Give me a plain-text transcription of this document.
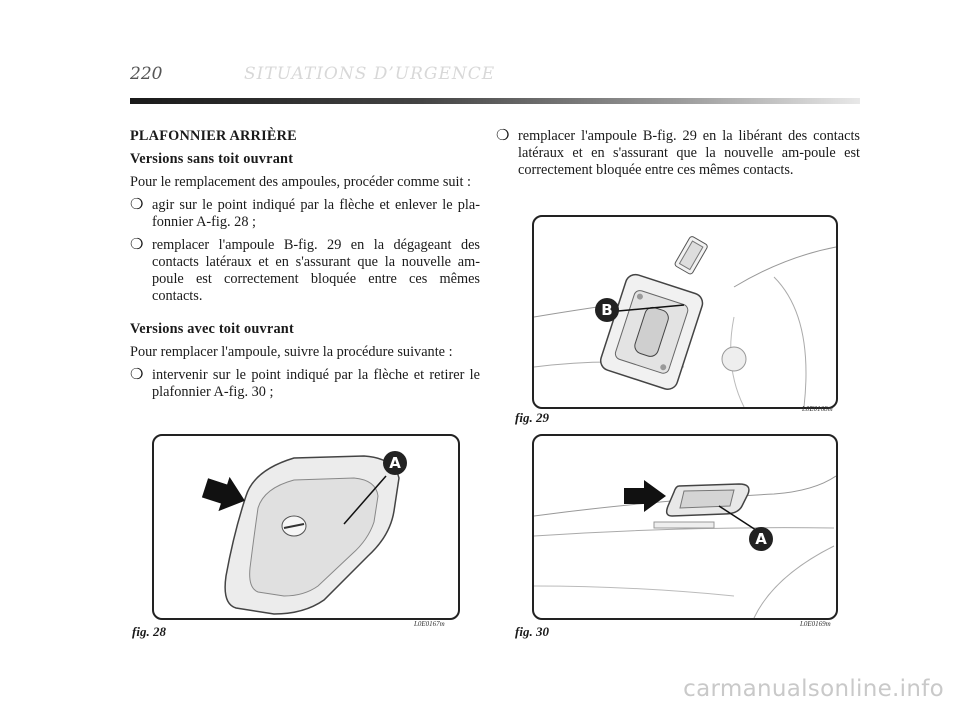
220	SITUATIONS D’URGENCE
PLAFONNIER ARRIÈRE
Versions sans toit ouvrant
Pour le remplacement des ampoules, procéder comme suit :
❍ agir sur le point indiqué par la flèche et enlever le pla-fonnier A-fig. 28 ;
❍ remplacer l'ampoule B-fig. 29 en la dégageant des contacts latéraux et en s'assurant que la nouvelle am-poule est correctement bloquée entre ces mêmes contacts.
Versions avec toit ouvrant
Pour remplacer l'ampoule, suivre la procédure suivante :
❍ intervenir sur le point indiqué par la flèche et retirer le plafonnier A-fig. 30 ;
❍ remplacer l'ampoule B-fig. 29 en la libérant des contacts latéraux et en s'assurant que la nouvelle am-poule est correctement bloquée entre ces mêmes contacts.
B
fig. 29
L0E0168m
A
fig. 28	L0E0167m
A
fig. 30	L0E0169m
carmanualsonline.info
